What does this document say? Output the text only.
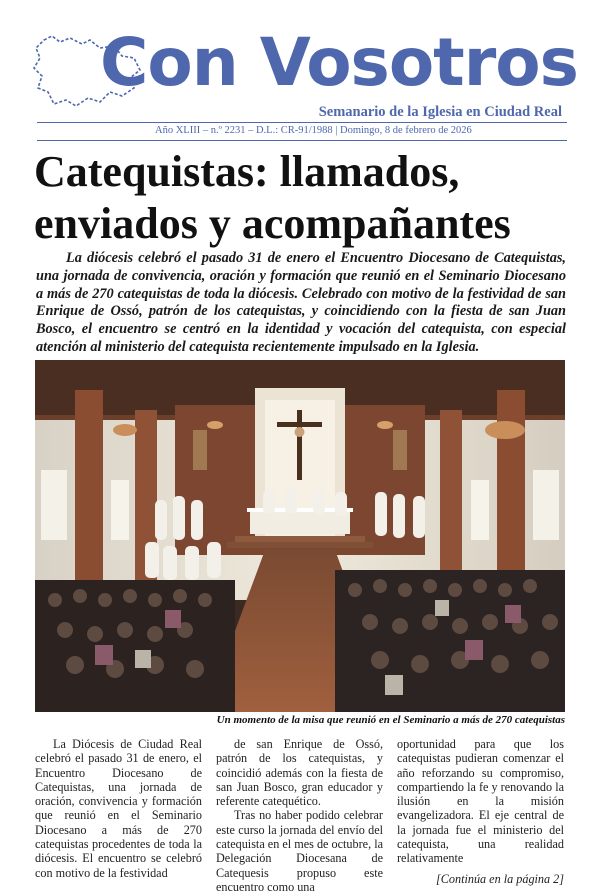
Con Vosotros
Semanario de la Iglesia en Ciudad Real
Año XLIII – n.º 2231 – D.L.: CR-91/1988 | Domingo, 8 de febrero de 2026
Catequistas: llamados,
enviados y acompañantes

La diócesis celebró el pasado 31 de enero el Encuentro Diocesano de Catequistas, una jornada de convivencia, oración y formación que reunió en el Seminario Diocesano a más de 270 catequistas de toda la diócesis. Celebrado con motivo de la festividad de san Enrique de Ossó, patrón de los catequistas, y coincidiendo con la fiesta de san Juan Bosco, el encuentro se centró en la identidad y vocación del catequista, con especial atención al ministerio del catequista recientemente impulsado en la Iglesia.

Un momento de la misa que reunió en el Seminario a más de 270 catequistas

La Diócesis de Ciudad Real celebró el pasado 31 de enero, el Encuentro Diocesano de Catequistas, una jornada de oración, convivencia y formación que reunió en el Seminario Diocesano a más de 270 catequistas procedentes de toda la diócesis. El encuentro se celebró con motivo de la festividad

de san Enrique de Ossó, patrón de los catequistas, y coincidió además con la fiesta de san Juan Bosco, gran educador y referente catequético.

Tras no haber podido celebrar este curso la jornada del envío del catequista en el mes de octubre, la Delegación Diocesana de Catequesis propuso este encuentro como una

oportunidad para que los catequistas pudieran comenzar el año reforzando su compromiso, compartiendo la fe y renovando la ilusión en la misión evangelizadora. El eje central de la jornada fue el ministerio del catequista, una realidad relativamente

[Continúa en la página 2]
